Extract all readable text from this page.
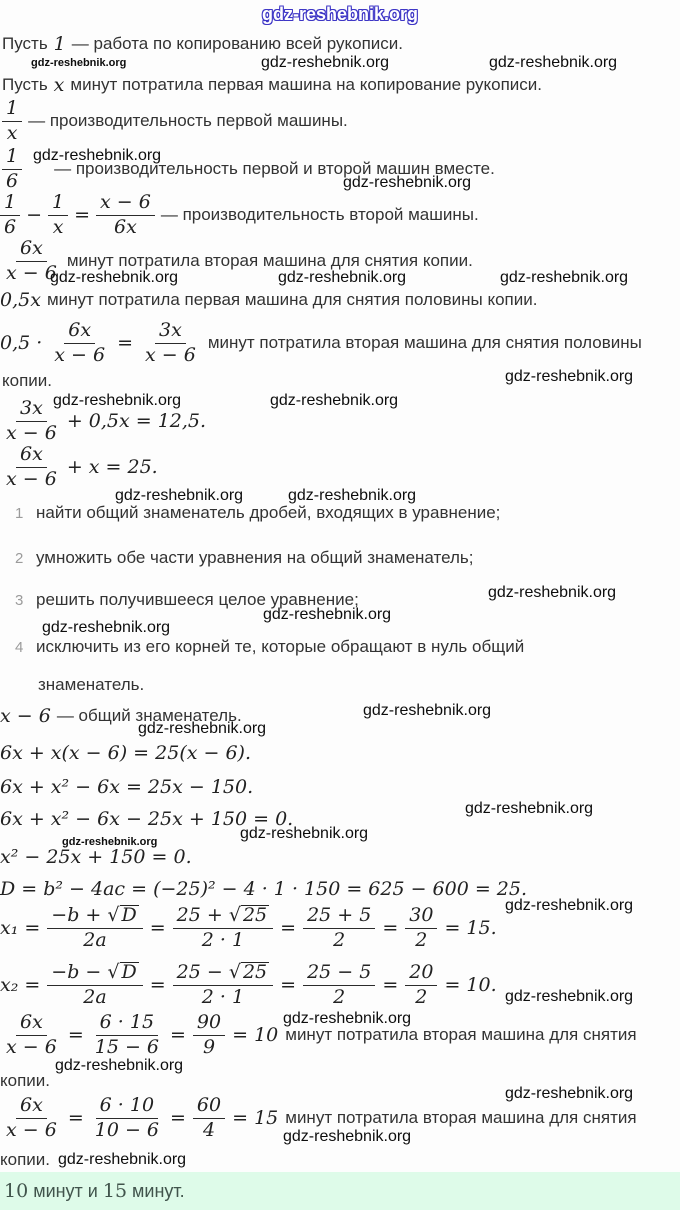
gdz-reshebnik.org
Пусть 1 — работа по копированию всей рукописи.
gdz-reshebnik.org	gdz-reshebnik.org	gdz-reshebnik.org
Пусть x минут потратила первая машина на копирование рукописи.
$\frac{1}{x}$ — производительность первой машины.
gdz-reshebnik.org
$\frac{1}{6}$ — производительность первой и второй машин вместе.
gdz-reshebnik.org
$\frac{1}{6} - \frac{1}{x} = \frac{x - 6}{6x}$ — производительность второй машины.
$\frac{6x}{x - 6}$ минут потратила вторая машина для снятия копии.
gdz-reshebnik.org	gdz-reshebnik.org	gdz-reshebnik.org
0,5x минут потратила первая машина для снятия половины копии.
$0,5 \cdot \frac{6x}{x - 6} = \frac{3x}{x - 6}$ минут потратила вторая машина для снятия половины
копии.	gdz-reshebnik.org
gdz-reshebnik.org	gdz-reshebnik.org
$\frac{3x}{x - 6} + 0,5x = 12,5$.
$\frac{6x}{x - 6} + x = 25$.
gdz-reshebnik.org	gdz-reshebnik.org
1 найти общий знаменатель дробей, входящих в уравнение;
2 умножить обе части уравнения на общий знаменатель;
3 решить получившееся целое уравнение;	gdz-reshebnik.org
gdz-reshebnik.org
gdz-reshebnik.org
4 исключить из его корней те, которые обращают в нуль общий
знаменатель.
x − 6 — общий знаменатель.	gdz-reshebnik.org
gdz-reshebnik.org
6x + x(x − 6) = 25(x − 6).
6x + x² − 6x = 25x − 150.
gdz-reshebnik.org
6x + x² − 6x − 25x + 150 = 0.
gdz-reshebnik.org	gdz-reshebnik.org
x² − 25x + 150 = 0.
D = b² − 4ac = (−25)² − 4 · 1 · 150 = 625 − 600 = 25.
gdz-reshebnik.org
$x_1 = \frac{-b + √ D}{2a} = \frac{25 + √ 25}{2 \cdot 1} = \frac{25 + 5}{2} = \frac{30}{2} = 15$.
$x_2 = \frac{-b - √ D}{2a} = \frac{25 - √ 25}{2 \cdot 1} = \frac{25 - 5}{2} = \frac{20}{2} = 10$.
gdz-reshebnik.org
gdz-reshebnik.org
$\frac{6x}{x - 6} = \frac{6 \cdot 15}{15 - 6} = \frac{90}{9} = 10$ минут потратила вторая машина для снятия
gdz-reshebnik.org
копии.
gdz-reshebnik.org
$\frac{6x}{x - 6} = \frac{6 \cdot 10}{10 - 6} = \frac{60}{4} = 15$ минут потратила вторая машина для снятия
gdz-reshebnik.org
копии. gdz-reshebnik.org
10 минут и 15 минут.
